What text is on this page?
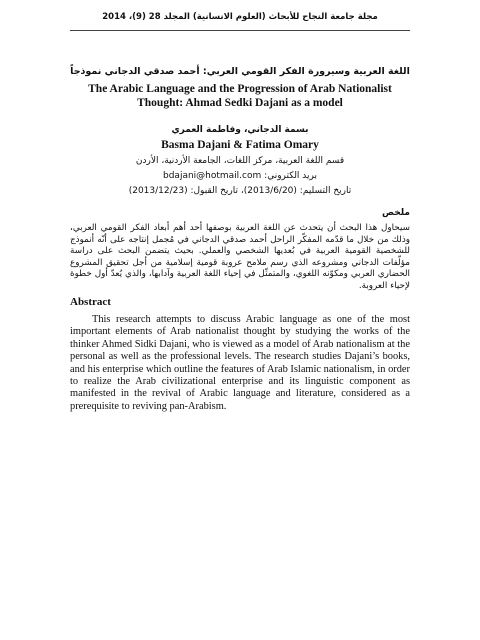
مجلة جامعة النجاح للأبحاث (العلوم الانسانية) المجلد 28 (9)، 2014
اللغة العربية وسيرورة الفكر القومي العربي: أحمد صدقي الدجاني نموذجاً
The Arabic Language and the Progression of Arab Nationalist Thought: Ahmad Sedki Dajani as a model
بسمة الدجاني، وفاطمة العمري
Basma Dajani & Fatima Omary
قسم اللغة العربية، مركز اللغات، الجامعة الأردنية، الأردن
bdajani@hotmail.com بريد الكتروني:
تاريخ التسليم: (2013/6/20)، تاريخ القبول: (2013/12/23)
ملخص
سيحاول هذا البحث أن يتحدث عن اللغة العربية بوصفها أحد أهم أبعاد الفكر القومي العربي، وذلك من خلال ما قدّمه المفكّر الراحل أحمد صدقي الدجاني في مُجمل إنتاجه على أنّه أنموذج للشخصية القومية العربية في بُعديها الشخصي والعملي. بحيث يتضمن البحث على دراسة مؤلّفات الدجاني ومشروعه الذي رسم ملامح عروبة قومية إسلامية من أجل تحقيق المشروع الحضاري العربي ومكوّنه اللغوي، والمتمثّل في إحياء اللغة العربية وآدابها، والذي يُعدّ أول خطوة لإحياء العروبة.
Abstract

This research attempts to discuss Arabic language as one of the most important elements of Arab nationalist thought by studying the works of the thinker Ahmed Sidki Dajani, who is viewed as a model of Arab nationalism at the personal as well as the professional levels. The research studies Dajani’s books, and his enterprise which outline the features of Arab Islamic nationalism, in order to realize the Arab civilizational enterprise and its linguistic component as manifested in the revival of Arabic language and literature, considered as a prerequisite to reviving pan-Arabism.
